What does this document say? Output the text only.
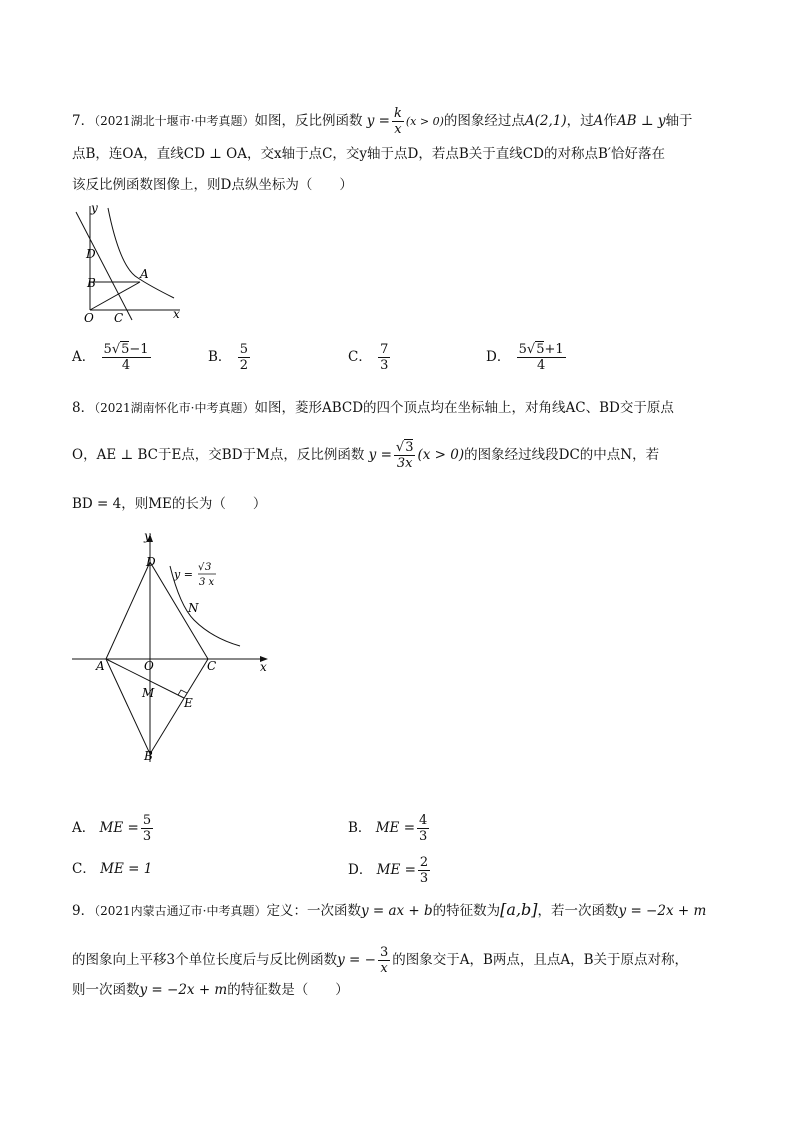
7．（2021湖北十堰市·中考真题）如图，反比例函数 $y = \frac{k}{x} (x > 0)$的图象经过点A(2,1)，过A作AB ⊥ y轴于
点B，连OA，直线CD ⊥ OA，交x轴于点C，交y轴于点D，若点B关于直线CD的对称点B′恰好落在
该反比例函数图像上，则D点纵坐标为（　　）
y
x
O
D
B
A
C
A． $\frac{5√5-1}{4}$	B． $\frac{5}{2}$	C． $\frac{7}{3}$	D． $\frac{5√5+1}{4}$
8．（2021湖南怀化市·中考真题）如图，菱形ABCD的四个顶点均在坐标轴上，对角线AC、BD交于原点
O，AE ⊥ BC于E点，交BD于M点，反比例函数 $y = \frac{√3}{3x} (x > 0)$的图象经过线段DC的中点N，若
BD = 4，则ME的长为（　　）
y
x
A	O	C
D
B
M
E
N
y =
√ 3
3 x
A． ME = $\frac{5}{3}$	B． ME = $\frac{4}{3}$
C． ME = 1	D． ME = $\frac{2}{3}$
9．（2021内蒙古通辽市·中考真题）定义：一次函数y = ax + b的特征数为[a,b]，若一次函数y = −2x + m
的图象向上平移3个单位长度后与反比例函数y = − $\frac{3}{x}$ 的图象交于A，B两点，且点A，B关于原点对称，
则一次函数y = −2x + m的特征数是（　　）
